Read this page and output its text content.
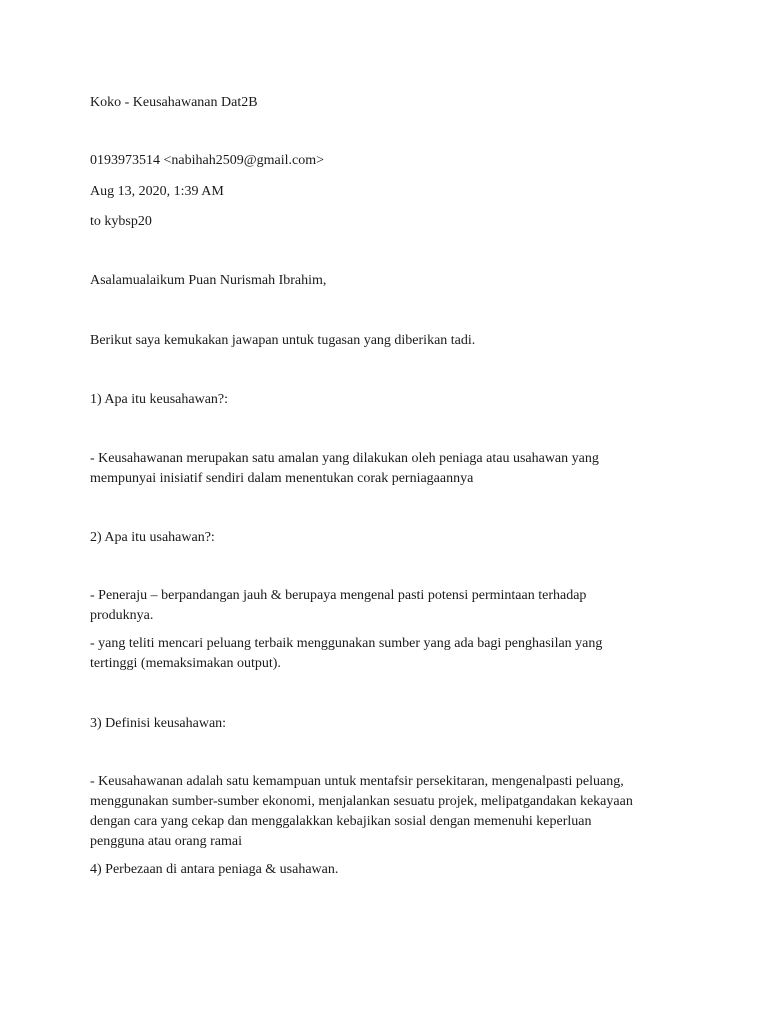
Koko - Keusahawanan Dat2B
0193973514 <nabihah2509@gmail.com>
Aug 13, 2020, 1:39 AM
to kybsp20
Asalamualaikum Puan Nurismah Ibrahim,
Berikut saya kemukakan jawapan untuk tugasan yang diberikan tadi.
1) Apa itu keusahawan?:
- Keusahawanan merupakan satu amalan yang dilakukan oleh peniaga atau usahawan yang
mempunyai inisiatif sendiri dalam menentukan corak perniagaannya
2) Apa itu usahawan?:
- Peneraju – berpandangan jauh & berupaya mengenal pasti potensi permintaan terhadap
produknya.
- yang teliti mencari peluang terbaik menggunakan sumber yang ada bagi penghasilan yang
tertinggi (memaksimakan output).
3) Definisi keusahawan:
- Keusahawanan adalah satu kemampuan untuk mentafsir persekitaran, mengenalpasti peluang,
menggunakan sumber-sumber ekonomi, menjalankan sesuatu projek, melipatgandakan kekayaan
dengan cara yang cekap dan menggalakkan kebajikan sosial dengan memenuhi keperluan
pengguna atau orang ramai
4) Perbezaan di antara peniaga & usahawan.
